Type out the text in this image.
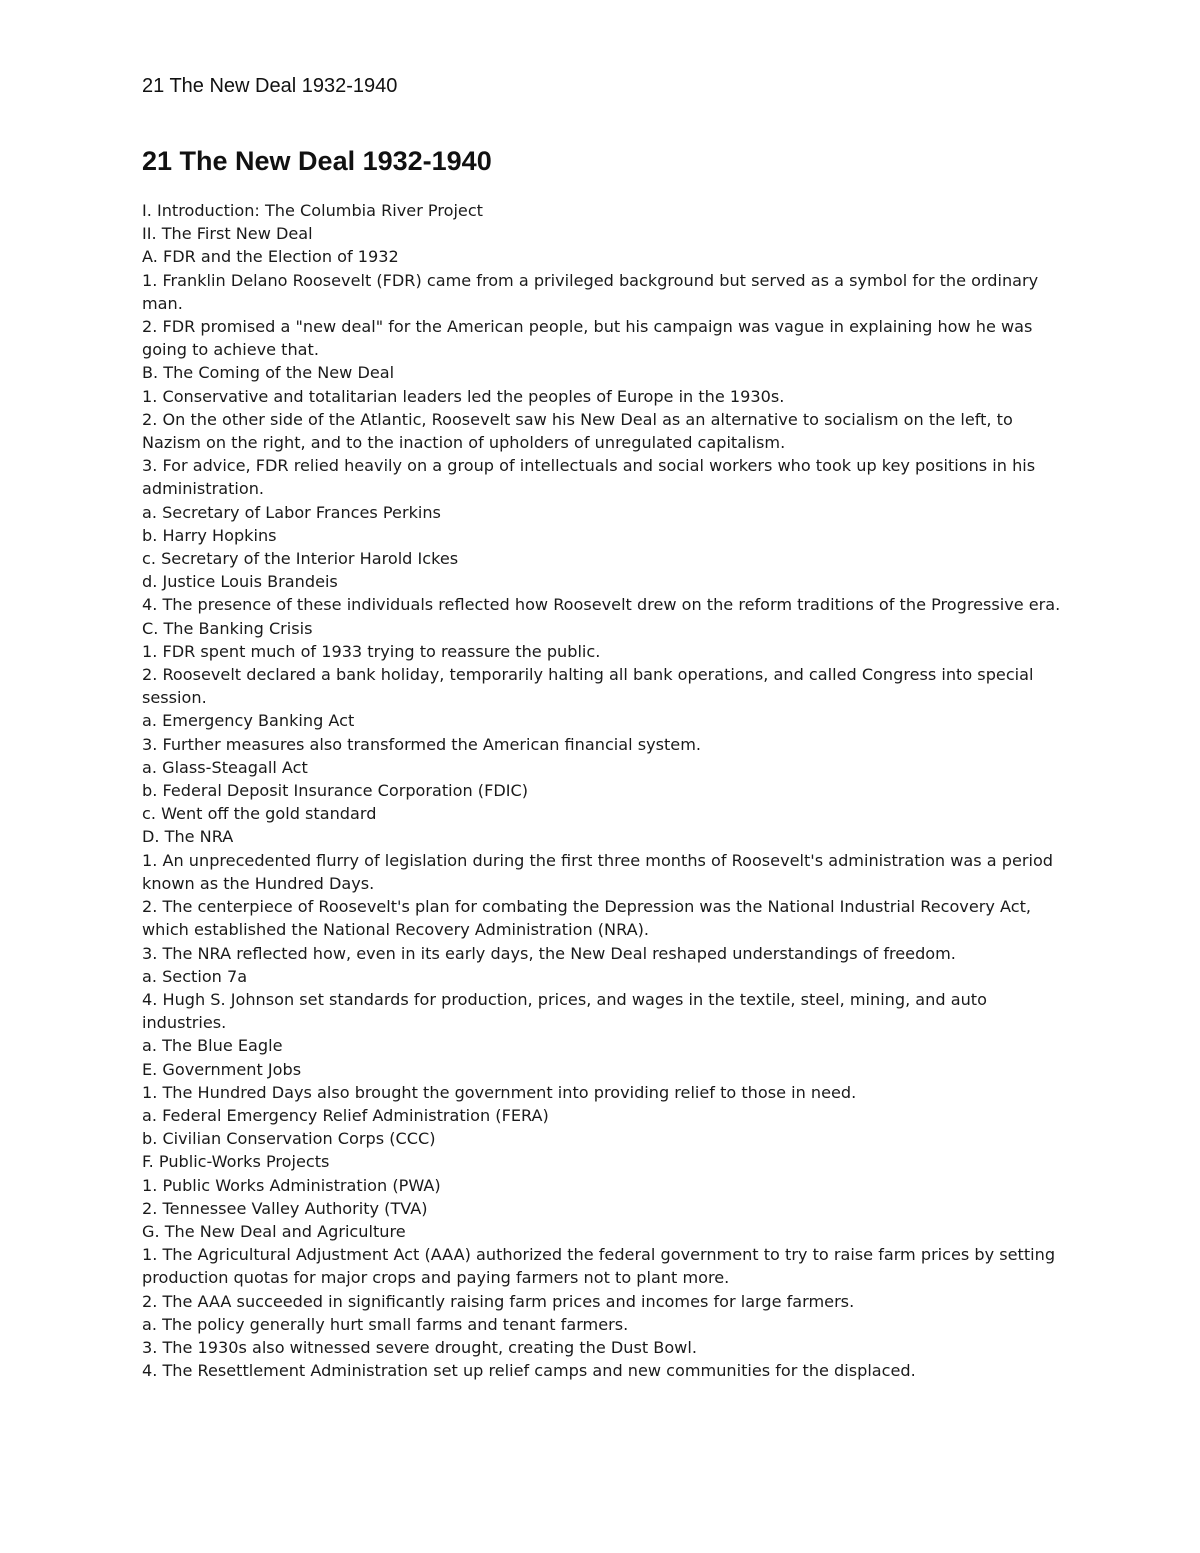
21 The New Deal 1932-1940
21 The New Deal 1932-1940

I. Introduction: The Columbia River Project

II. The First New Deal

A. FDR and the Election of 1932

1. Franklin Delano Roosevelt (FDR) came from a privileged background but served as a symbol for the ordinary man.

2. FDR promised a "new deal" for the American people, but his campaign was vague in explaining how he was going to achieve that.

B. The Coming of the New Deal

1. Conservative and totalitarian leaders led the peoples of Europe in the 1930s.

2. On the other side of the Atlantic, Roosevelt saw his New Deal as an alternative to socialism on the left, to Nazism on the right, and to the inaction of upholders of unregulated capitalism.

3. For advice, FDR relied heavily on a group of intellectuals and social workers who took up key positions in his administration.

a. Secretary of Labor Frances Perkins

b. Harry Hopkins

c. Secretary of the Interior Harold Ickes

d. Justice Louis Brandeis

4. The presence of these individuals reflected how Roosevelt drew on the reform traditions of the Progressive era.

C. The Banking Crisis

1. FDR spent much of 1933 trying to reassure the public.

2. Roosevelt declared a bank holiday, temporarily halting all bank operations, and called Congress into special session.

a. Emergency Banking Act

3. Further measures also transformed the American financial system.

a. Glass-Steagall Act

b. Federal Deposit Insurance Corporation (FDIC)

c. Went off the gold standard

D. The NRA

1. An unprecedented flurry of legislation during the first three months of Roosevelt's administration was a period known as the Hundred Days.

2. The centerpiece of Roosevelt's plan for combating the Depression was the National Industrial Recovery Act, which established the National Recovery Administration (NRA).

3. The NRA reflected how, even in its early days, the New Deal reshaped understandings of freedom.

a. Section 7a

4. Hugh S. Johnson set standards for production, prices, and wages in the textile, steel, mining, and auto industries.

a. The Blue Eagle

E. Government Jobs

1. The Hundred Days also brought the government into providing relief to those in need.

a. Federal Emergency Relief Administration (FERA)

b. Civilian Conservation Corps (CCC)

F. Public-Works Projects

1. Public Works Administration (PWA)

2. Tennessee Valley Authority (TVA)

G. The New Deal and Agriculture

1. The Agricultural Adjustment Act (AAA) authorized the federal government to try to raise farm prices by setting production quotas for major crops and paying farmers not to plant more.

2. The AAA succeeded in significantly raising farm prices and incomes for large farmers.

a. The policy generally hurt small farms and tenant farmers.

3. The 1930s also witnessed severe drought, creating the Dust Bowl.

4. The Resettlement Administration set up relief camps and new communities for the displaced.
